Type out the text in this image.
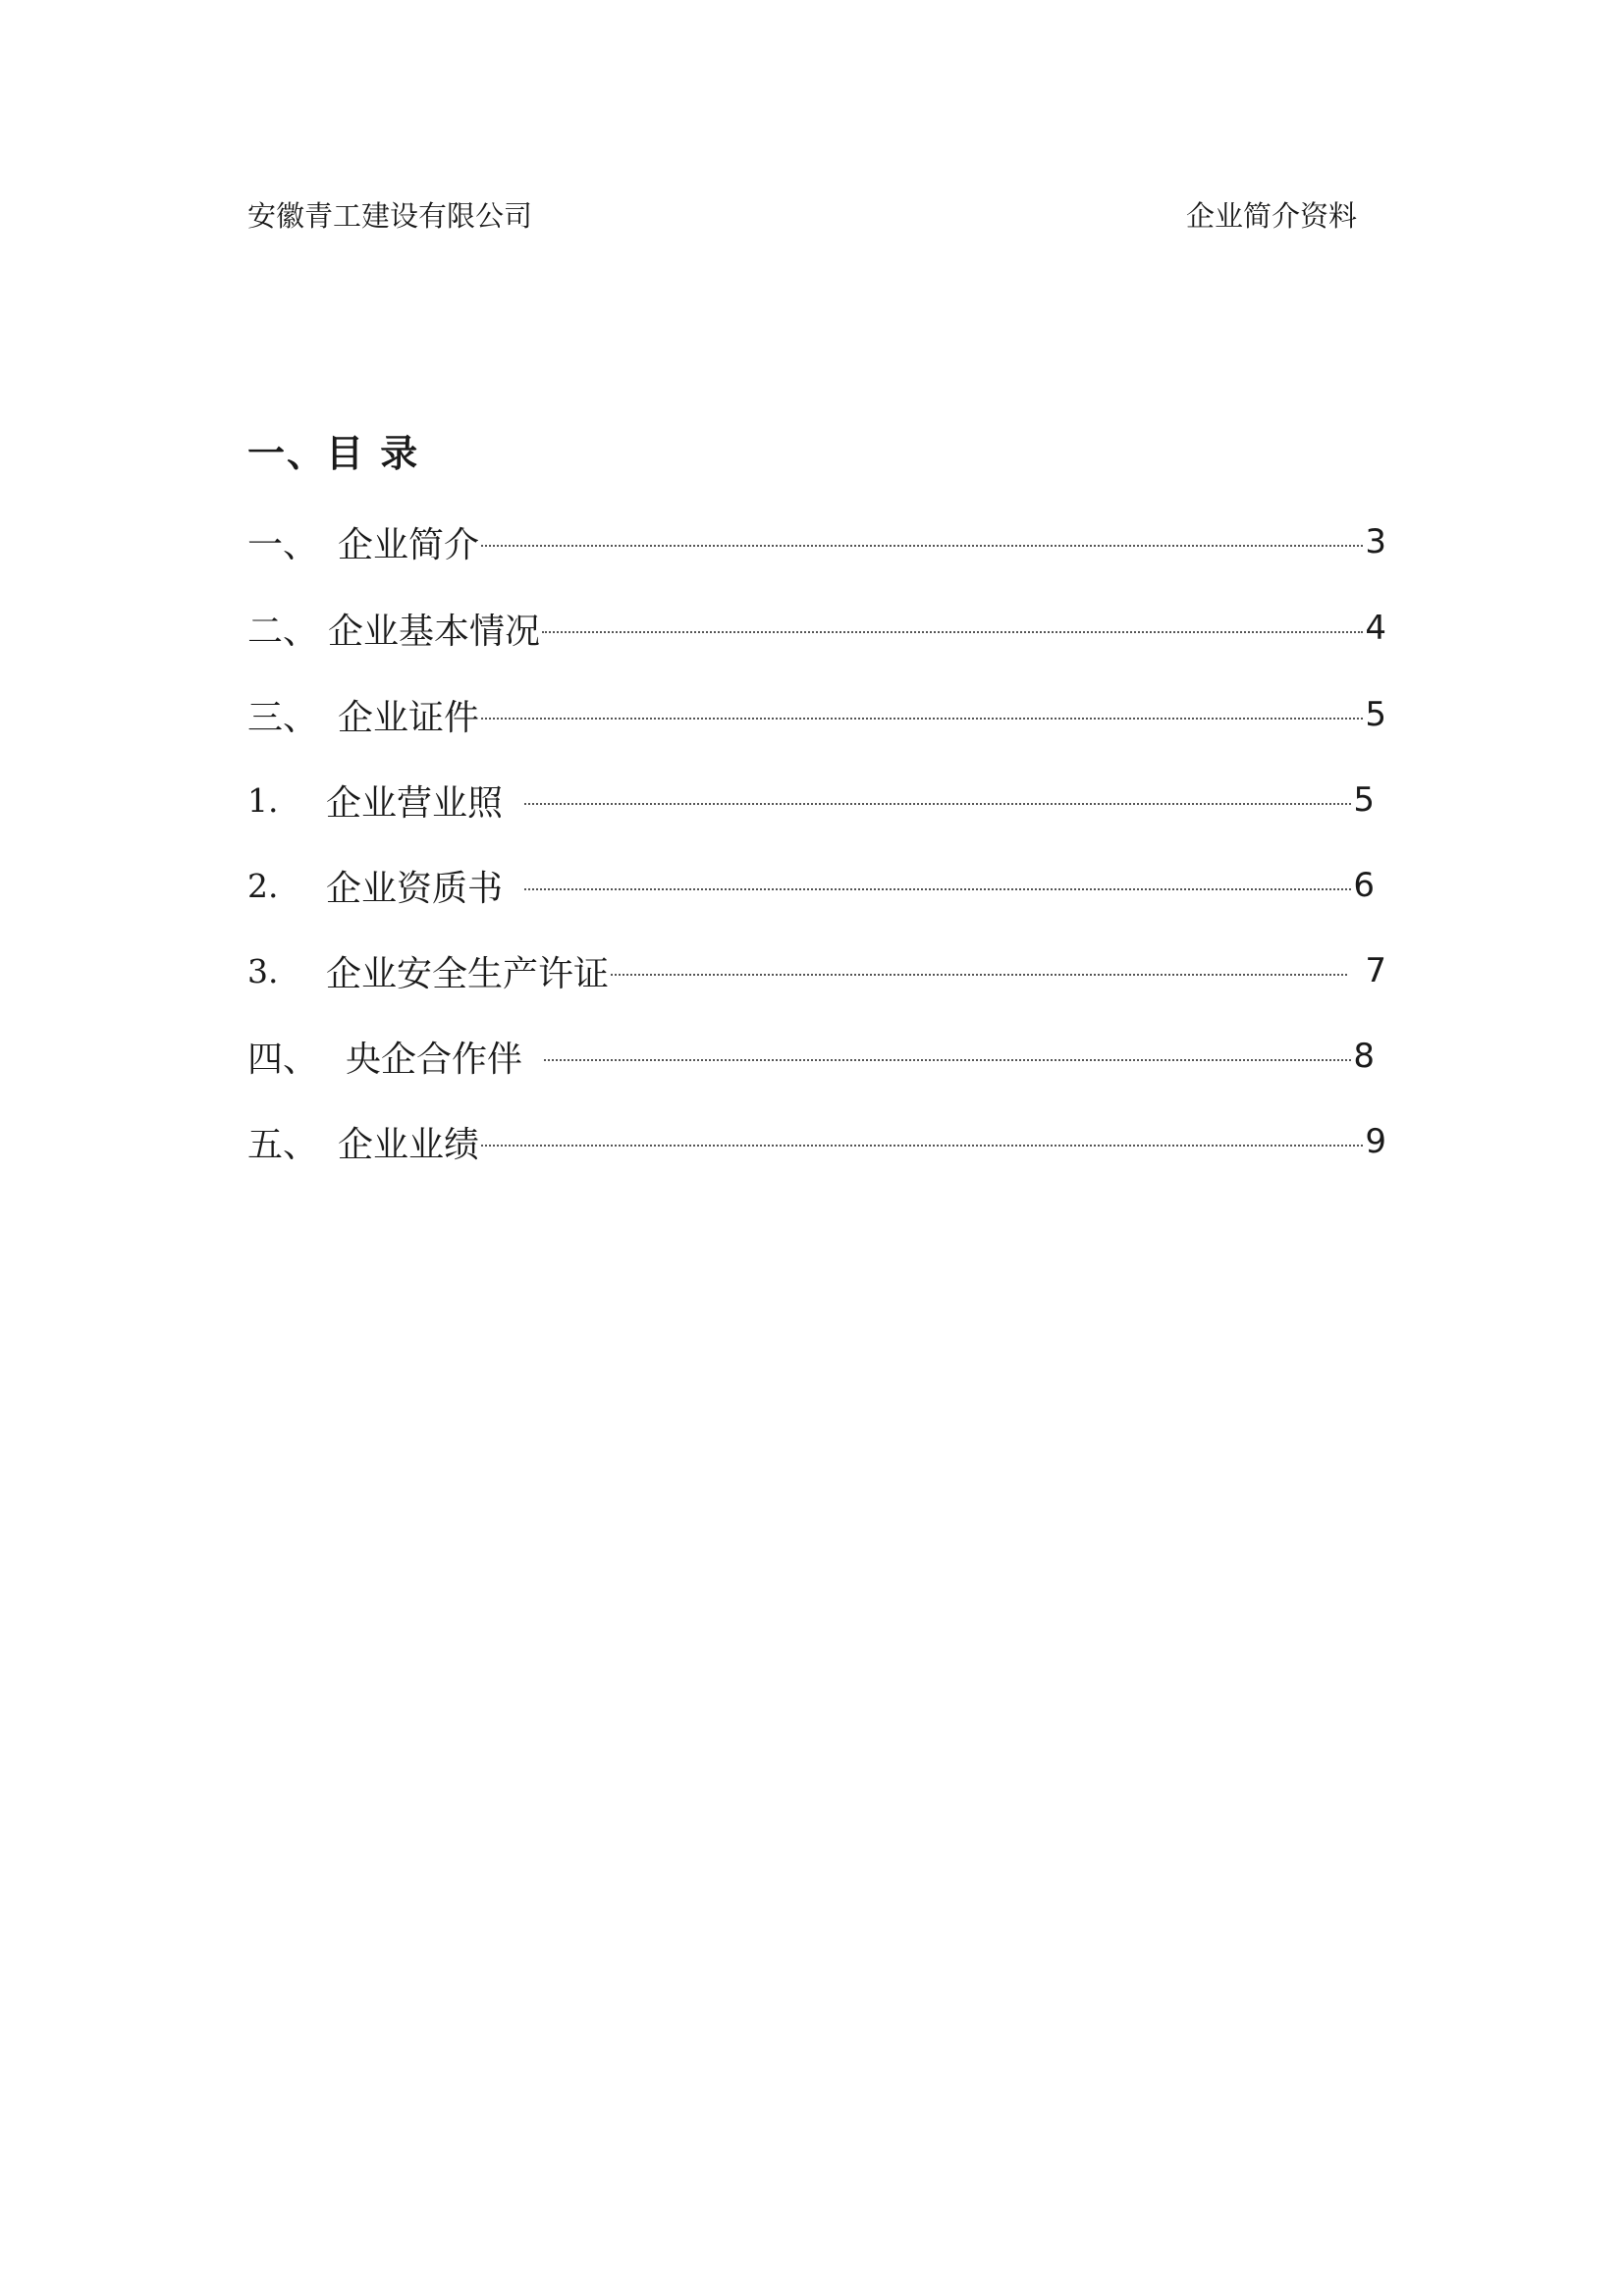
安徽青工建设有限公司	企业简介资料
一、目 录
一、 企业简介	3
二、 企业基本情况	4
三、 企业证件	5
1.	企业营业照	5
2.	企业资质书	6
3.	企业安全生产许证	7
四、 央企合作伴	8
五、 企业业绩	9
